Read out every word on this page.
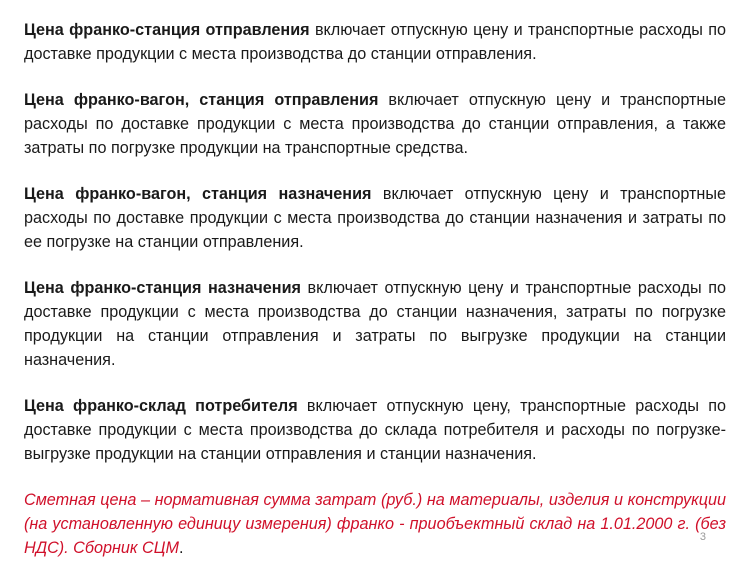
Цена франко-станция отправления включает отпускную цену и транспортные расходы по доставке продукции с места производства до станции отправления.

Цена франко-вагон, станция отправления включает отпускную цену и транспортные расходы по доставке продукции с места производства до станции отправления, а также затраты по погрузке продукции на транспортные средства.

Цена франко-вагон, станция назначения включает отпускную цену и транспортные расходы по доставке продукции с места производства до станции назначения и затраты по ее погрузке на станции отправления.

Цена франко-станция назначения включает отпускную цену и транспортные расходы по доставке продукции с места производства до станции назначения, затраты по погрузке продукции на станции отправления и затраты по выгрузке продукции на станции назначения.

Цена франко-склад потребителя включает отпускную цену, транспортные расходы по доставке продукции с места производства до склада потребителя и расходы по погрузке-выгрузке продукции на станции отправления и станции назначения.

Сметная цена – нормативная сумма затрат (руб.) на материалы, изделия и конструкции (на установленную единицу измерения) франко - приобъектный склад на 1.01.2000 г. (без НДС). Сборник СЦМ.

3
